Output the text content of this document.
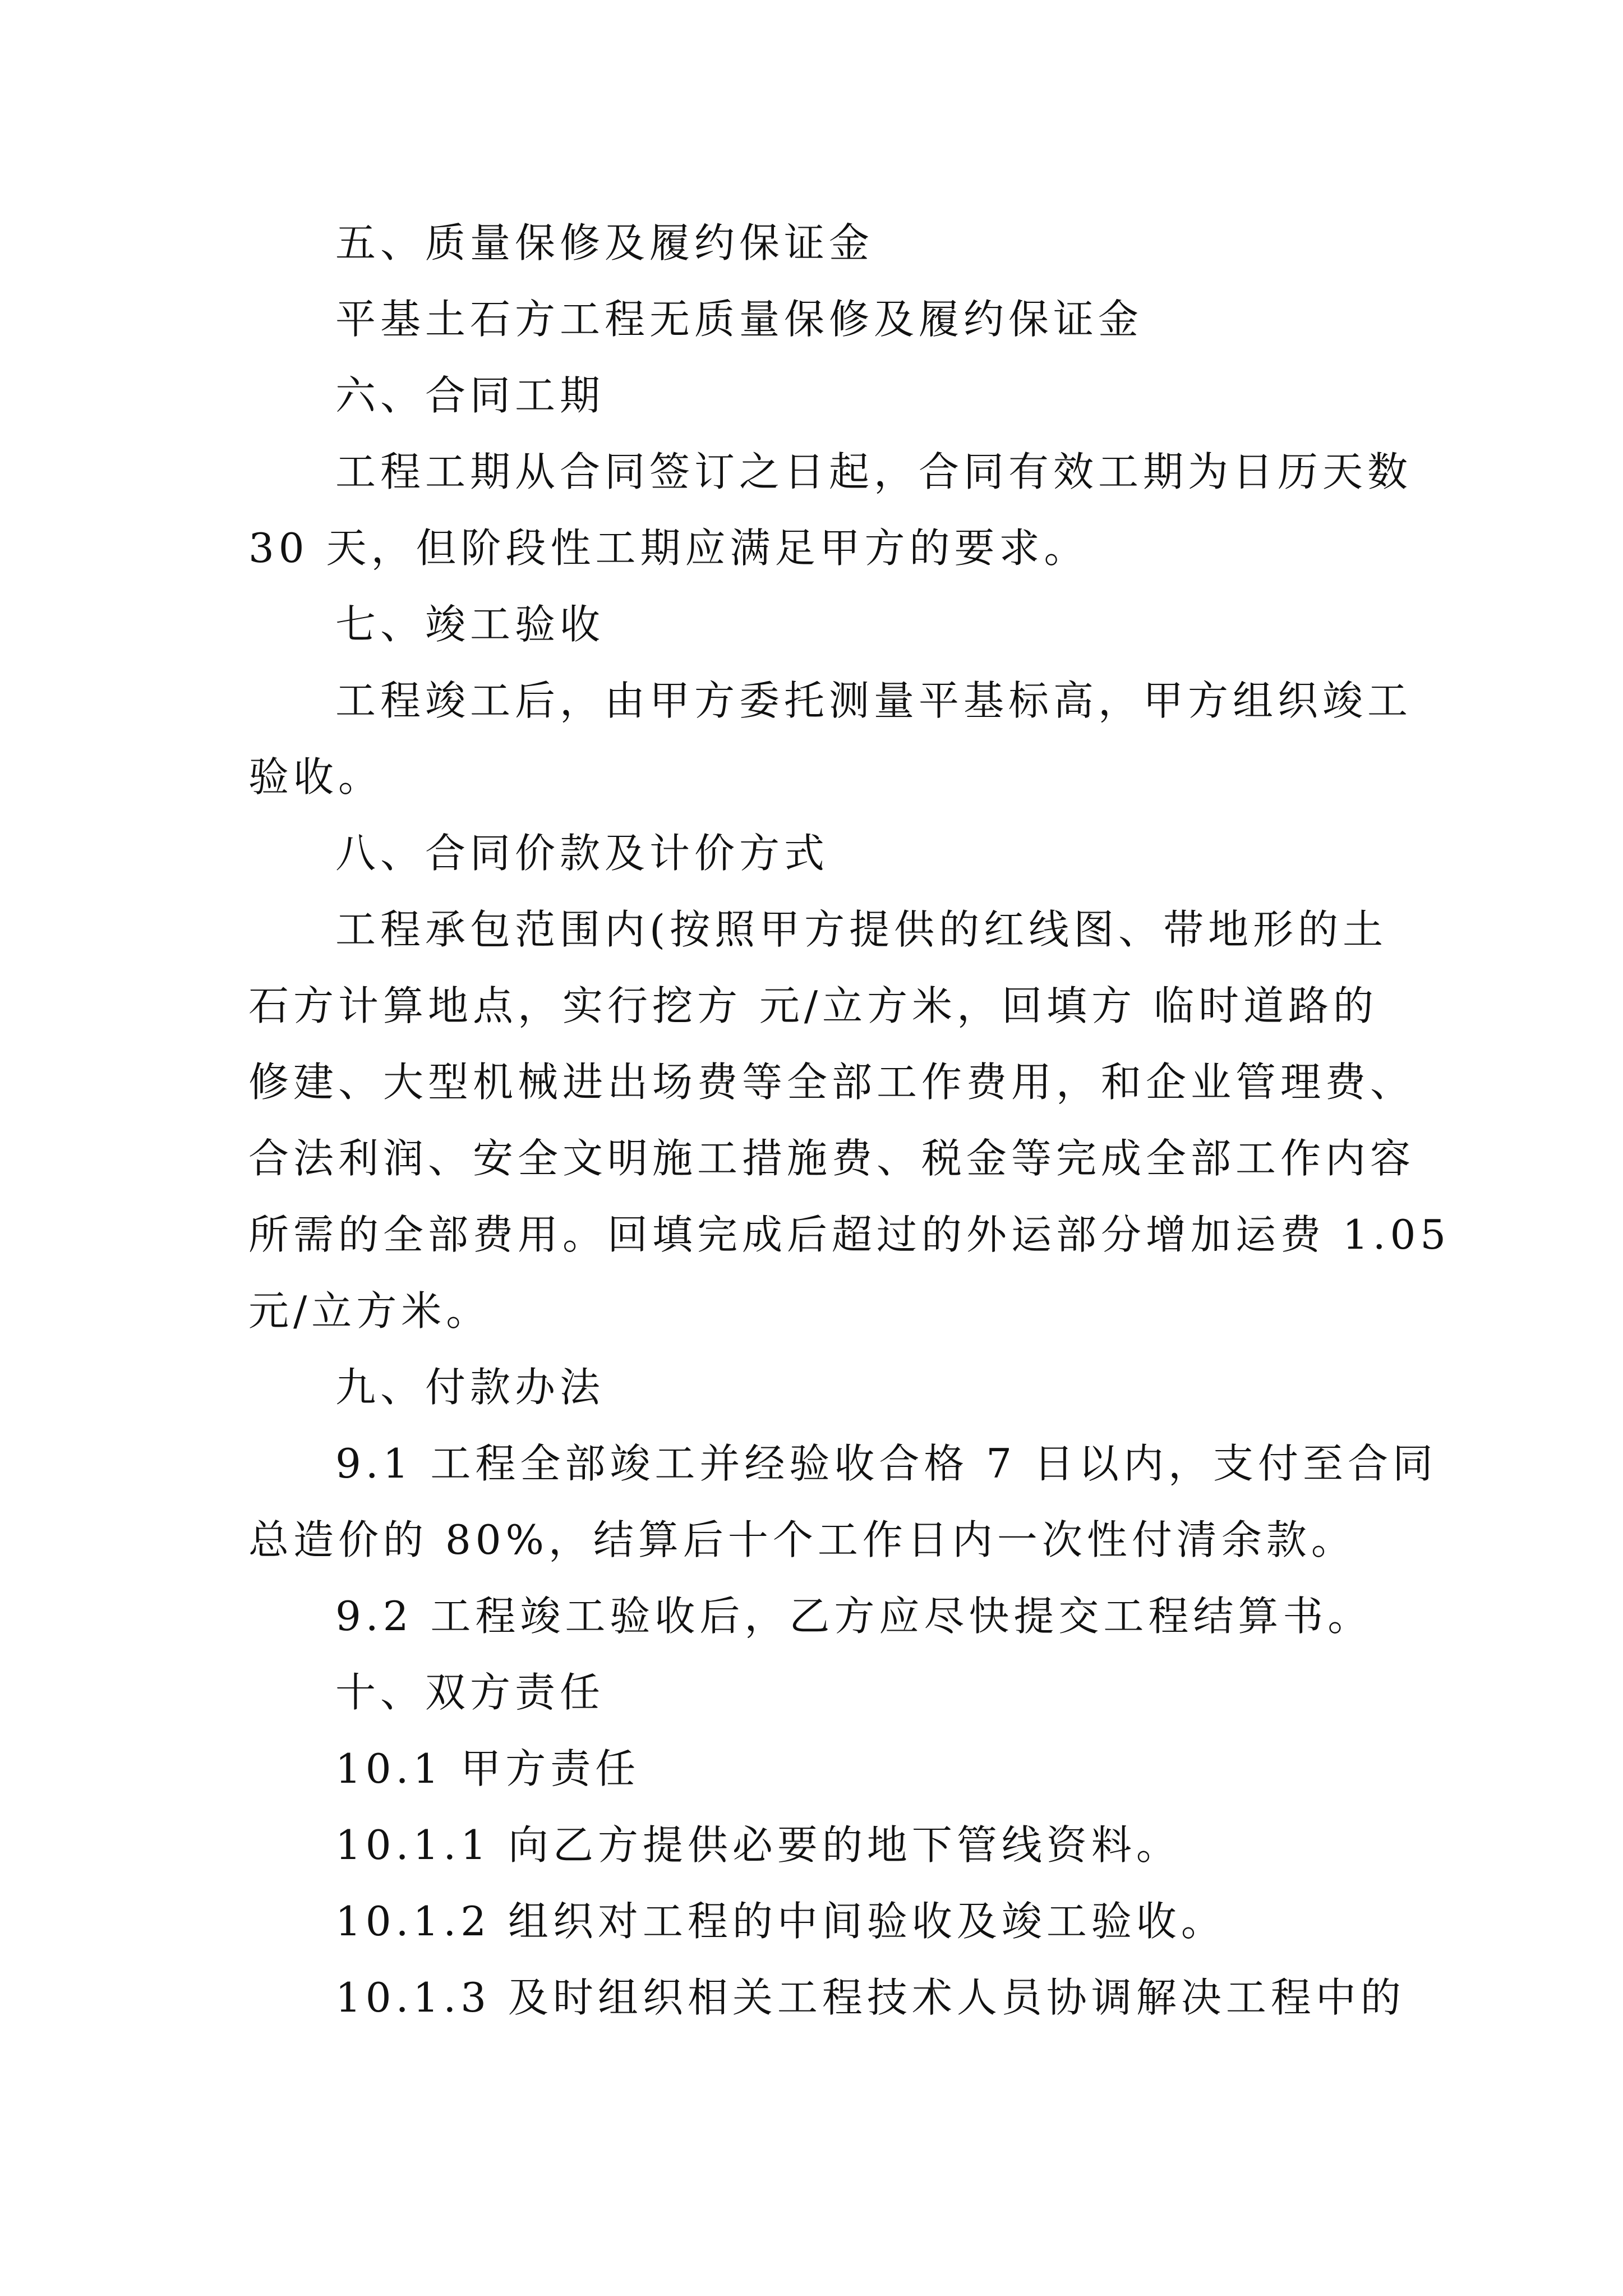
五、质量保修及履约保证金
平基土石方工程无质量保修及履约保证金
六、合同工期
工程工期从合同签订之日起，合同有效工期为日历天数
30 天，但阶段性工期应满足甲方的要求。
七、竣工验收
工程竣工后，由甲方委托测量平基标高，甲方组织竣工
验收。
八、合同价款及计价方式
工程承包范围内(按照甲方提供的红线图、带地形的土
石方计算地点，实行挖方 元/立方米，回填方 临时道路的
修建、大型机械进出场费等全部工作费用，和企业管理费、
合法利润、安全文明施工措施费、税金等完成全部工作内容
所需的全部费用。回填完成后超过的外运部分增加运费 1.05
元/立方米。
九、付款办法
9.1 工程全部竣工并经验收合格 7 日以内，支付至合同
总造价的 80%，结算后十个工作日内一次性付清余款。
9.2 工程竣工验收后，乙方应尽快提交工程结算书。
十、双方责任
10.1 甲方责任
10.1.1 向乙方提供必要的地下管线资料。
10.1.2 组织对工程的中间验收及竣工验收。
10.1.3 及时组织相关工程技术人员协调解决工程中的
